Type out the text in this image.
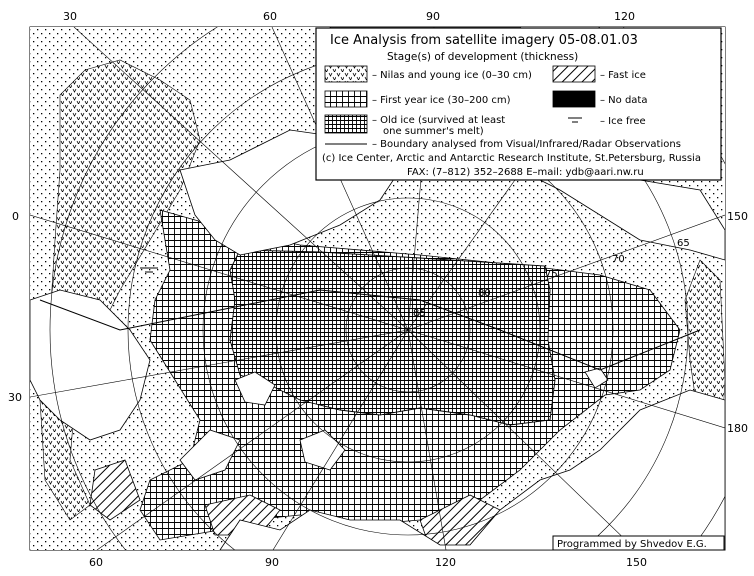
85
80
75
70
65
30	60	90	120
0
30
150
180
60	90	120	150
Ice Analysis from satellite imagery 05-08.01.03
Stage(s) of development (thickness)
– Nilas and young ice (0–30 cm)	– Fast ice
– First year ice (30–200 cm)	– No data
– Old ice (survived at least
one summer's melt)
– Ice free
– Boundary analysed from Visual/Infrared/Radar Observations
(c) Ice Center, Arctic and Antarctic Research Institute, St.Petersburg, Russia
FAX: (7–812) 352–2688 E–mail: ydb@aari.nw.ru
Programmed by Shvedov E.G.
